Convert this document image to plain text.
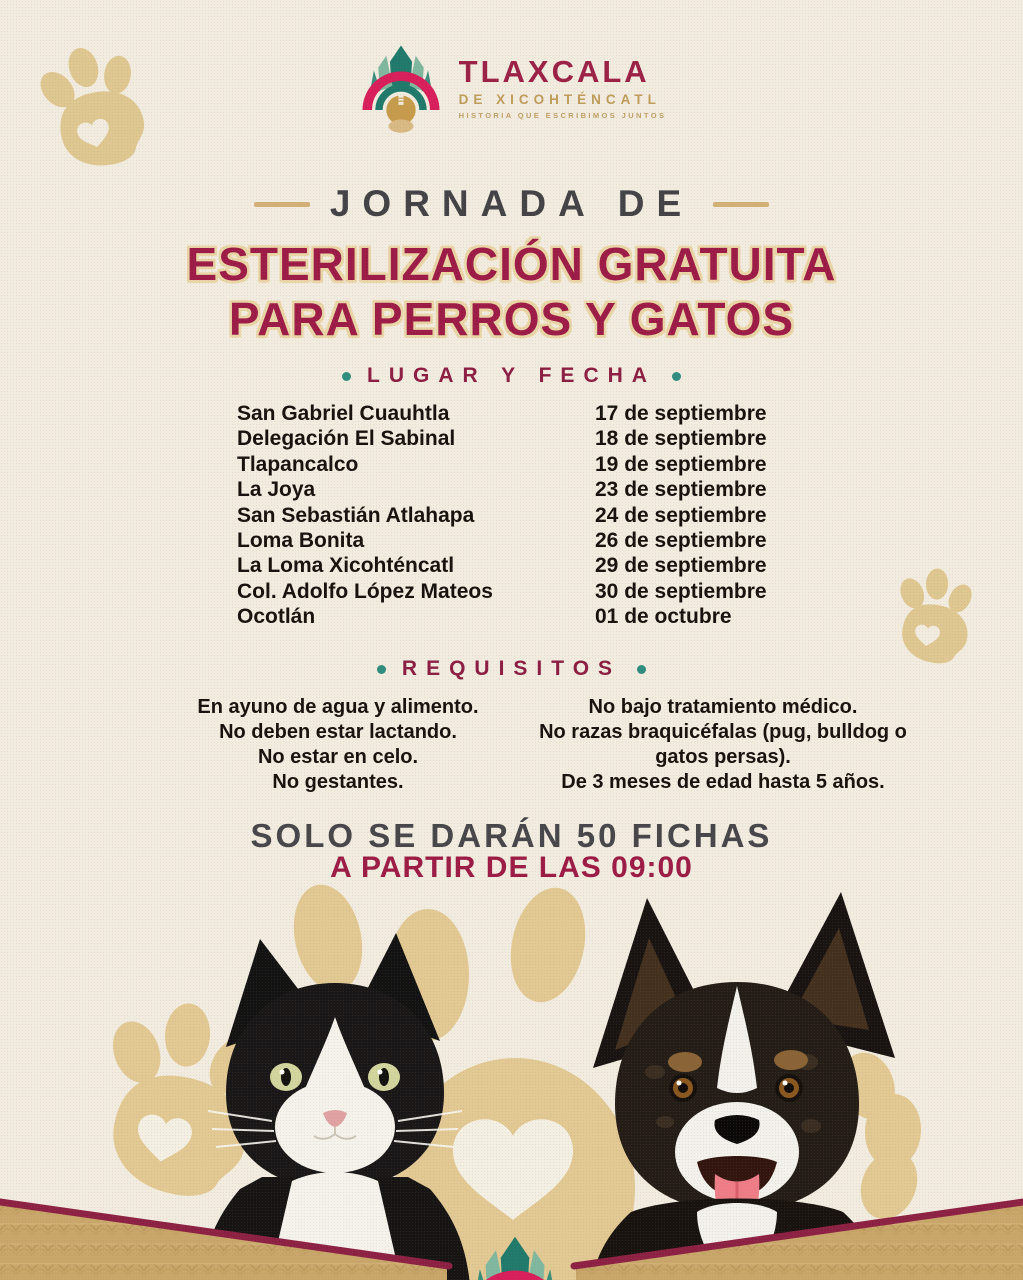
TLAXCALA
DE XICOHTÉNCATL
HISTORIA QUE ESCRIBIMOS JUNTOS
JORNADA DE
ESTERILIZACIÓN GRATUITA
PARA PERROS Y GATOS
LUGAR Y FECHA
San Gabriel Cuauhtla	17 de septiembre
Delegación El Sabinal	18 de septiembre
Tlapancalco	19 de septiembre
La Joya	23 de septiembre
San Sebastián Atlahapa	24 de septiembre
Loma Bonita	26 de septiembre
La Loma Xicohténcatl	29 de septiembre
Col. Adolfo López Mateos	30 de septiembre
Ocotlán	01 de octubre
REQUISITOS
En ayuno de agua y alimento.
No deben estar lactando.
No estar en celo.
No gestantes.
No bajo tratamiento médico.
No razas braquicéfalas (pug, bulldog o gatos persas).
De 3 meses de edad hasta 5 años.
SOLO SE DARÁN 50 FICHAS
A PARTIR DE LAS 09:00
